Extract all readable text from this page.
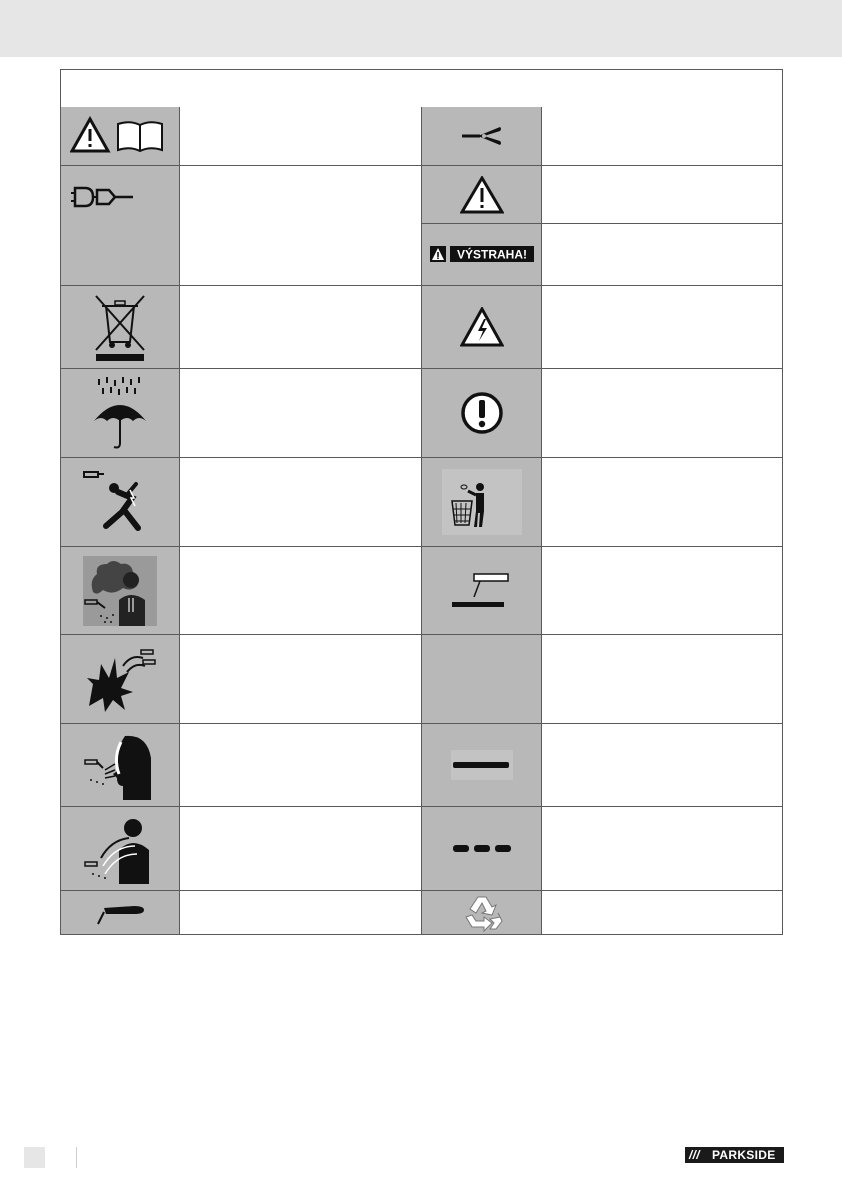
VÝSTRAHA!
/// PARKSIDE
